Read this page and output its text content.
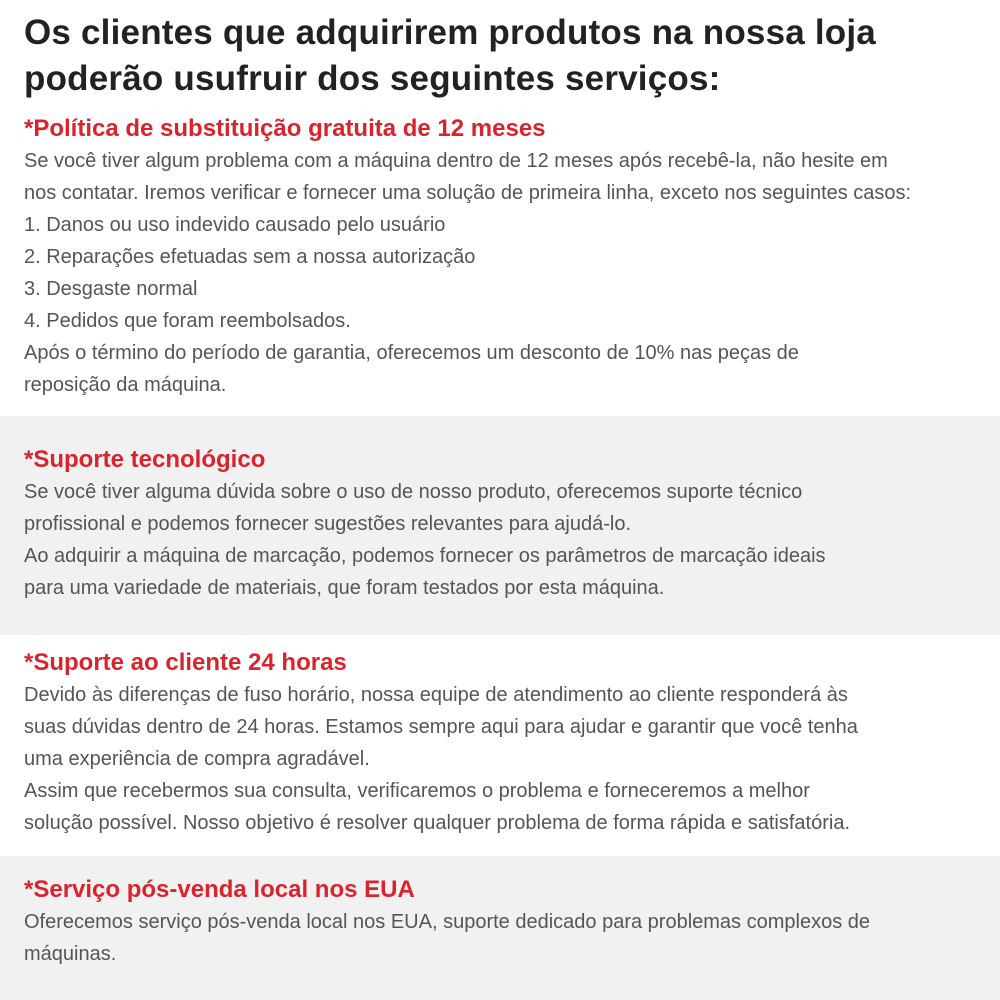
Os clientes que adquirirem produtos na nossa loja
poderão usufruir dos seguintes serviços:
*Política de substituição gratuita de 12 meses

Se você tiver algum problema com a máquina dentro de 12 meses após recebê-la, não hesite em
nos contatar. Iremos verificar e fornecer uma solução de primeira linha, exceto nos seguintes casos:
1. Danos ou uso indevido causado pelo usuário
2. Reparações efetuadas sem a nossa autorização
3. Desgaste normal
4. Pedidos que foram reembolsados.
Após o término do período de garantia, oferecemos um desconto de 10% nas peças de
reposição da máquina.

*Suporte tecnológico

Se você tiver alguma dúvida sobre o uso de nosso produto, oferecemos suporte técnico
profissional e podemos fornecer sugestões relevantes para ajudá-lo.
Ao adquirir a máquina de marcação, podemos fornecer os parâmetros de marcação ideais
para uma variedade de materiais, que foram testados por esta máquina.

*Suporte ao cliente 24 horas

Devido às diferenças de fuso horário, nossa equipe de atendimento ao cliente responderá às
suas dúvidas dentro de 24 horas. Estamos sempre aqui para ajudar e garantir que você tenha
uma experiência de compra agradável.
Assim que recebermos sua consulta, verificaremos o problema e forneceremos a melhor
solução possível. Nosso objetivo é resolver qualquer problema de forma rápida e satisfatória.

*Serviço pós-venda local nos EUA

Oferecemos serviço pós-venda local nos EUA, suporte dedicado para problemas complexos de
máquinas.
